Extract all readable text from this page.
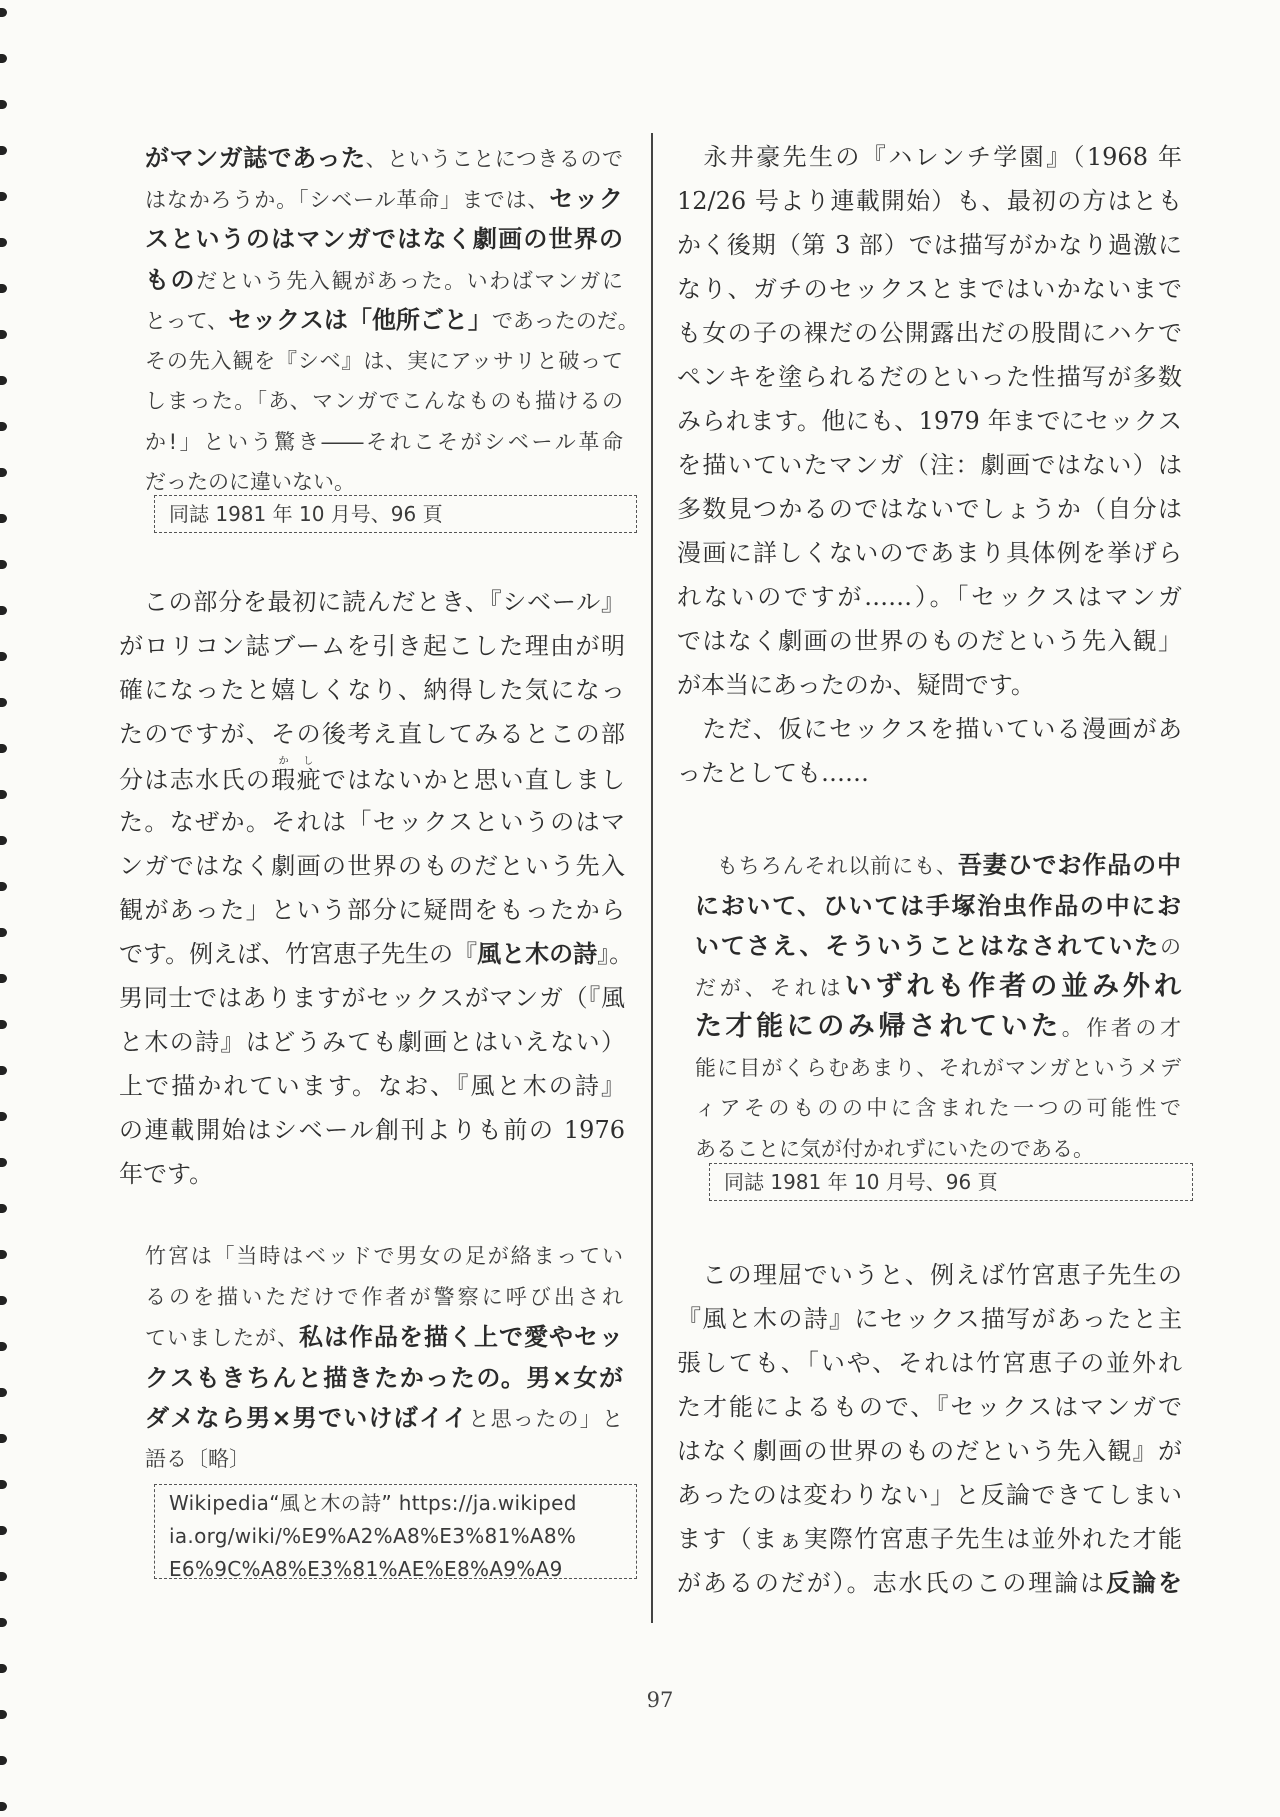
がマンガ誌であった、ということにつきるので
はなかろうか。「シベール革命」までは、セック
スというのはマンガではなく劇画の世界の
ものだという先入観があった。いわばマンガに
とって、セックスは「他所ごと」であったのだ。
その先入観を『シベ』は、実にアッサリと破って
しまった。「あ、マンガでこんなものも描けるの
か!」という驚き――それこそがシベール革命
だったのに違いない。
同誌 1981 年 10 月号、96 頁
　この部分を最初に読んだとき、『シベール』
がロリコン誌ブームを引き起こした理由が明
確になったと嬉しくなり、納得した気になっ
たのですが、その後考え直してみるとこの部
分は志水氏の瑕疵かしではないかと思い直しまし
た。なぜか。それは「セックスというのはマ
ンガではなく劇画の世界のものだという先入
観があった」という部分に疑問をもったから
です。例えば、竹宮恵子先生の『風と木の詩』。
男同士ではありますがセックスがマンガ（『風
と木の詩』はどうみても劇画とはいえない）
上で描かれています。なお、『風と木の詩』
の連載開始はシベール創刊よりも前の 1976
年です。
竹宮は「当時はベッドで男女の足が絡まってい
るのを描いただけで作者が警察に呼び出され
ていましたが、私は作品を描く上で愛やセッ
クスもきちんと描きたかったの。男×女が
ダメなら男×男でいけばイイと思ったの」と
語る〔略〕
Wikipedia“風と木の詩” https://ja.wikiped
ia.org/wiki/%E9%A2%A8%E3%81%A8%
E6%9C%A8%E3%81%AE%E8%A9%A9
　永井豪先生の『ハレンチ学園』（1968 年
12/26 号より連載開始）も、最初の方はとも
かく後期（第 3 部）では描写がかなり過激に
なり、ガチのセックスとまではいかないまで
も女の子の裸だの公開露出だの股間にハケで
ペンキを塗られるだのといった性描写が多数
みられます。他にも、1979 年までにセックス
を描いていたマンガ（注：劇画ではない）は
多数見つかるのではないでしょうか（自分は
漫画に詳しくないのであまり具体例を挙げら
れないのですが……）。「セックスはマンガ
ではなく劇画の世界のものだという先入観」
が本当にあったのか、疑問です。
　ただ、仮にセックスを描いている漫画があ
ったとしても……
　もちろんそれ以前にも、吾妻ひでお作品の中
において、ひいては手塚治虫作品の中にお
いてさえ、そういうことはなされていたの
だが、それはいずれも作者の並み外れ
た才能にのみ帰されていた。作者の才
能に目がくらむあまり、それがマンガというメデ
ィアそのものの中に含まれた一つの可能性で
あることに気が付かれずにいたのである。
同誌 1981 年 10 月号、96 頁
　この理屈でいうと、例えば竹宮恵子先生の
『風と木の詩』にセックス描写があったと主
張しても、「いや、それは竹宮恵子の並外れ
た才能によるもので、『セックスはマンガで
はなく劇画の世界のものだという先入観』が
あったのは変わりない」と反論できてしまい
ます（まぁ実際竹宮恵子先生は並外れた才能
があるのだが）。志水氏のこの理論は反論を
97
